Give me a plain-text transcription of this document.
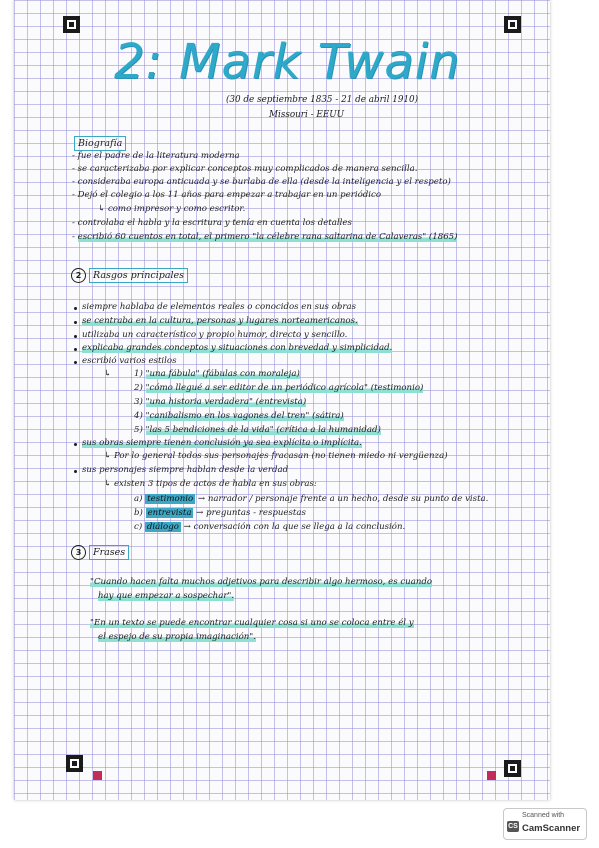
2: Mark Twain
(30 de septiembre 1835 - 21 de abril 1910)
Missouri - EEUU
Biografía
- fue el padre de la literatura moderna
- se caracterizaba por explicar conceptos muy complicados de manera sencilla.
- consideraba europa anticuada y se burlaba de ella (desde la inteligencia y el respeto)
- Dejó el colegio a los 11 años para empezar a trabajar en un periódico
↳ como impresor y como escritor.
- controlaba el habla y la escritura y tenía en cuenta los detalles
- escribió 60 cuentos en total, el primero "la célebre rana saltarina de Calaveras" (1865)
2	Rasgos principales
siempre hablaba de elementos reales o conocidos en sus obras
se centraba en la cultura, personas y lugares norteamericanos.
utilizaba un característico y propio humor, directo y sencillo.
explicaba grandes conceptos y situaciones con brevedad y simplicidad.
escribió varios estilos
↳	1) "una fábula" (fábulas con moraleja)
2) "cómo llegué a ser editor de un periódico agrícola" (testimonio)
3) "una historia verdadera" (entrevista)
4) "canibalismo en los vagones del tren" (sátira)
5) "las 5 bendiciones de la vida" (crítica a la humanidad)
sus obras siempre tienen conclusión ya sea explícita o implícita.
↳ Por lo general todos sus personajes fracasan (no tienen miedo ni vergüenza)
sus personajes siempre hablan desde la verdad
↳ existen 3 tipos de actos de habla en sus obras:
a) testimonio → narrador / personaje frente a un hecho, desde su punto de vista.
b) entrevista → preguntas - respuestas
c) diálogo → conversación con la que se llega a la conclusión.
3	Frases
"Cuando hacen falta muchos adjetivos para describir algo hermoso, es cuando
hay que empezar a sospechar".
"En un texto se puede encontrar cualquier cosa si uno se coloca entre él y
el espejo de su propia imaginación".
CS
Scanned with
CamScanner
